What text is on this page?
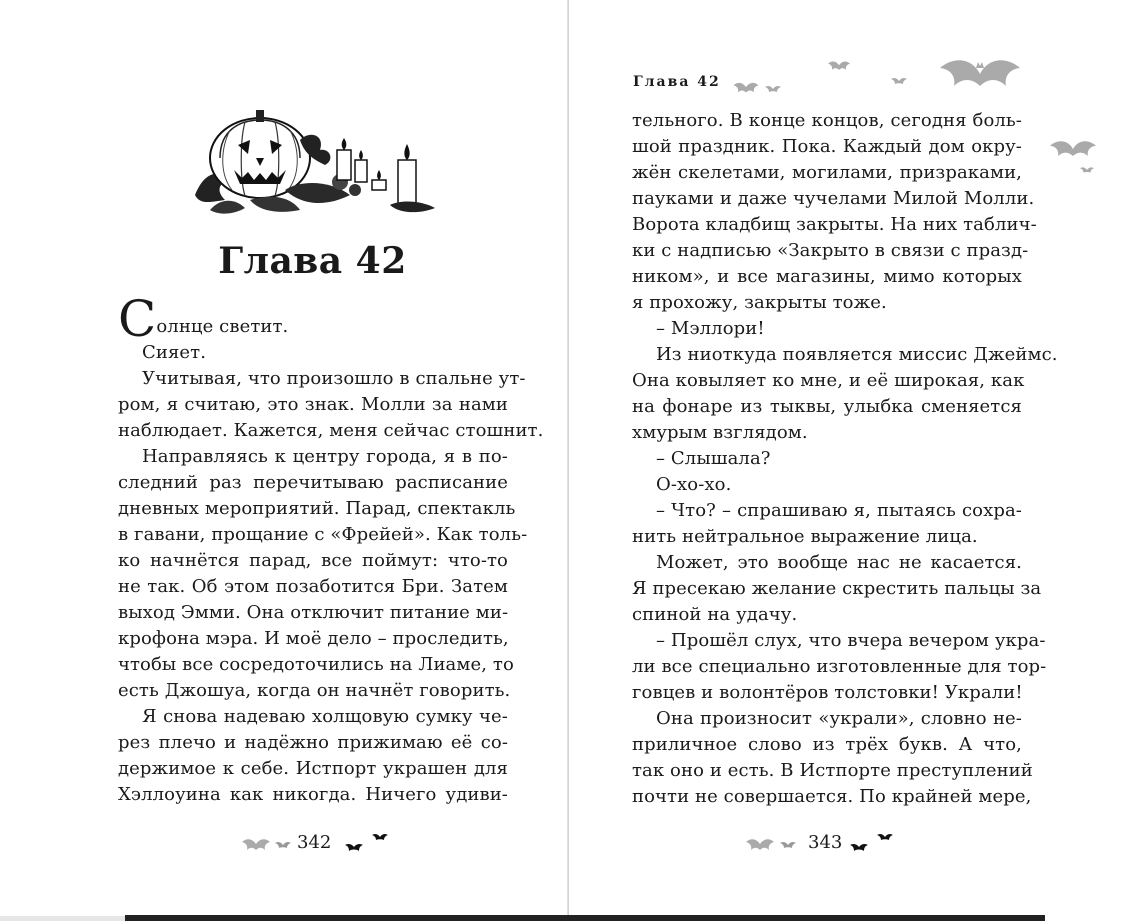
Глава 42
Солнце светит.
Сияет.
Учитывая, что произошло в спальне ут-
ром, я считаю, это знак. Молли за нами
наблюдает. Кажется, меня сейчас стошнит.
Направляясь к центру города, я в по-
следний раз перечитываю расписание
дневных мероприятий. Парад, спектакль
в гавани, прощание с «Фрейей». Как толь-
ко начнётся парад, все поймут: что-то
не так. Об этом позаботится Бри. Затем
выход Эмми. Она отключит питание ми-
крофона мэра. И моё дело – проследить,
чтобы все сосредоточились на Лиаме, то
есть Джошуа, когда он начнёт говорить.
Я снова надеваю холщовую сумку че-
рез плечо и надёжно прижимаю её со-
держимое к себе. Истпорт украшен для
Хэллоуина как никогда. Ничего удиви-
342
Глава 42
тельного. В конце концов, сегодня боль-
шой праздник. Пока. Каждый дом окру-
жён скелетами, могилами, призраками,
пауками и даже чучелами Милой Молли.
Ворота кладбищ закрыты. На них таблич-
ки с надписью «Закрыто в связи с празд-
ником», и все магазины, мимо которых
я прохожу, закрыты тоже.
– Мэллори!
Из ниоткуда появляется миссис Джеймс.
Она ковыляет ко мне, и её широкая, как
на фонаре из тыквы, улыбка сменяется
хмурым взглядом.
– Слышала?
О-хо-хо.
– Что? – спрашиваю я, пытаясь сохра-
нить нейтральное выражение лица.
Может, это вообще нас не касается.
Я пресекаю желание скрестить пальцы за
спиной на удачу.
– Прошёл слух, что вчера вечером укра-
ли все специально изготовленные для тор-
говцев и волонтёров толстовки! Украли!
Она произносит «украли», словно не-
приличное слово из трёх букв. А что,
так оно и есть. В Истпорте преступлений
почти не совершается. По крайней мере,
343
